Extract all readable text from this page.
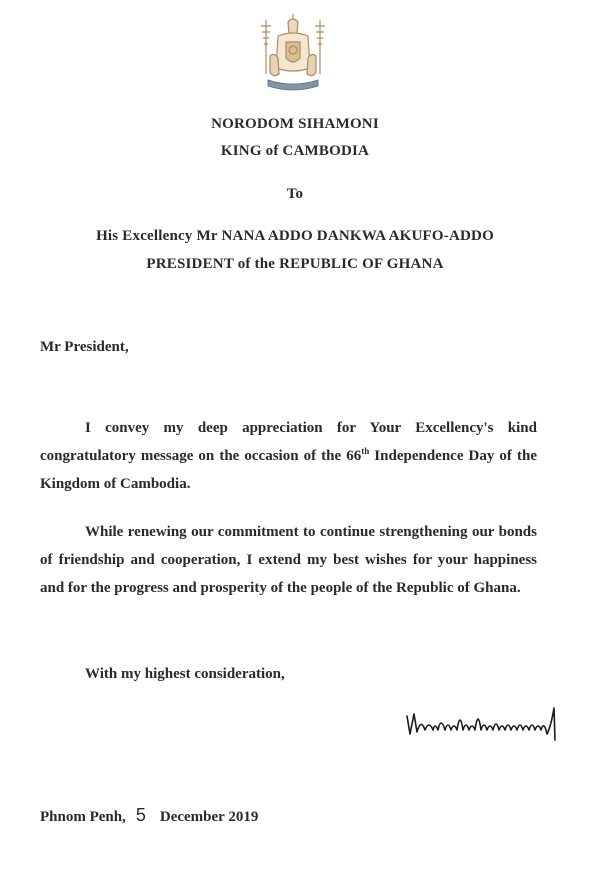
NORODOM SIHAMONI
KING of CAMBODIA
To
His Excellency Mr NANA ADDO DANKWA AKUFO-ADDO
PRESIDENT of the REPUBLIC OF GHANA
Mr President,
I convey my deep appreciation for Your Excellency's kind congratulatory message on the occasion of the 66th Independence Day of the Kingdom of Cambodia.
While renewing our commitment to continue strengthening our bonds of friendship and cooperation, I extend my best wishes for your happiness and for the progress and prosperity of the people of the Republic of Ghana.
With my highest consideration,
Phnom Penh, 5 December 2019
